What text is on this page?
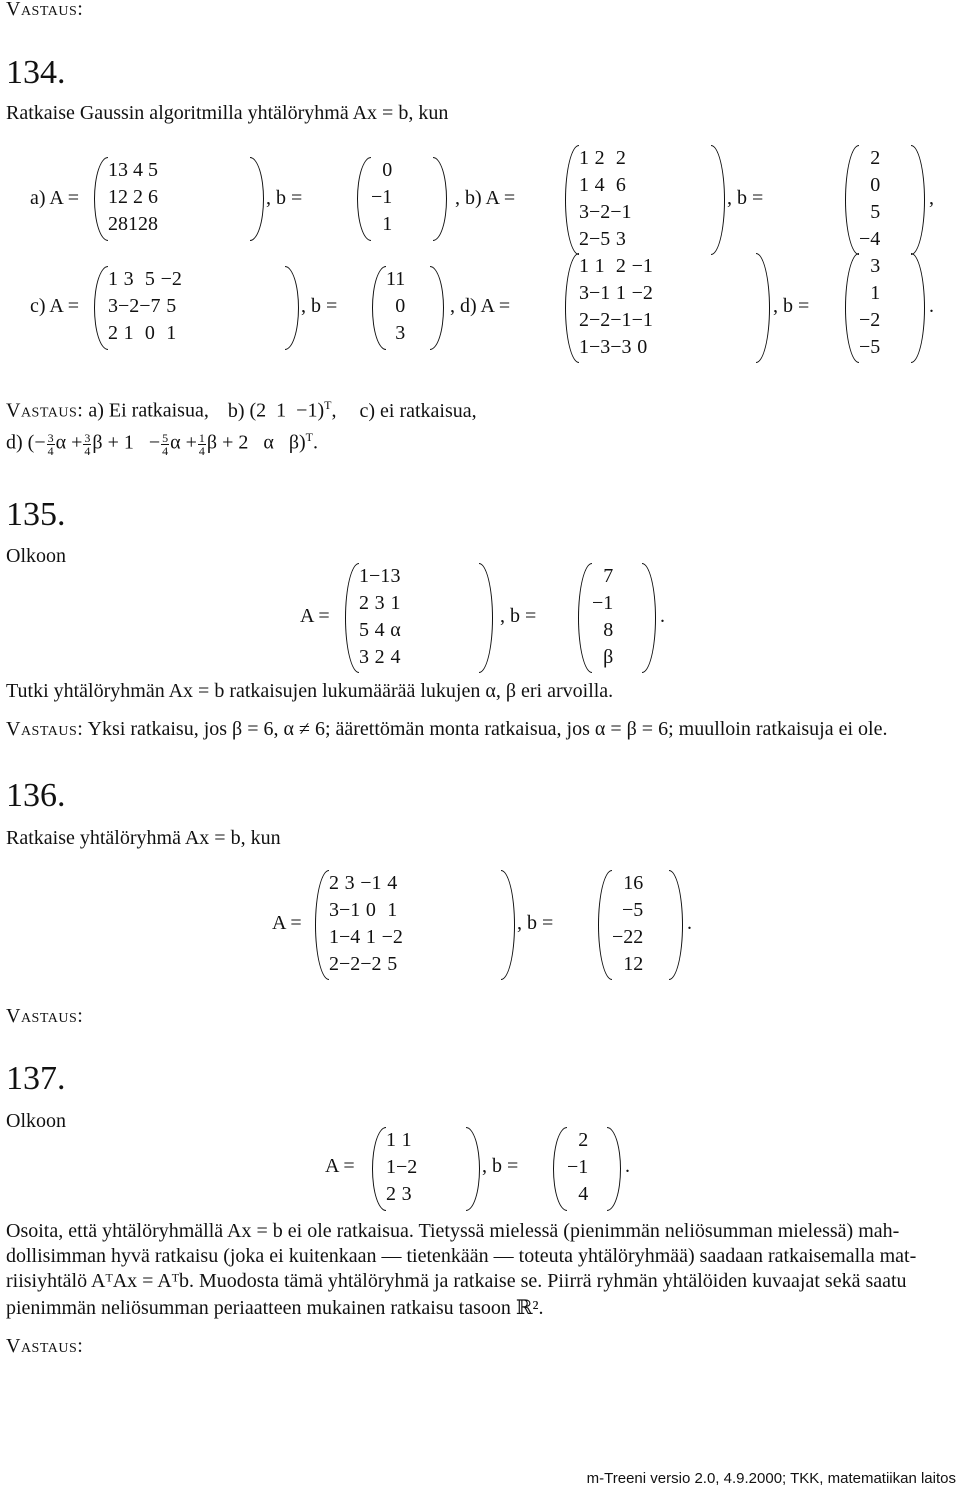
Vastaus:
134.
Ratkaise Gaussin algoritmilla yhtälöryhmä Ax = b, kun
a) A =
1	3	4	5
1	2	2	6
2	8	12	8
, b =
0
−1
1
, b) A =
1	2	2
1	4	6
3	−2	−1
2	−5	3
, b =
2
0
5
−4
,
c) A =
1	3	5	−2
3	−2	−7	5
2	1	0	1
, b =
11
0
3
, d) A =
1	1	2	−1
3	−1	1	−2
2	−2	−1	−1
1	−3	−3	0
, b =
3
1
−2
−5
.
Vastaus: a) Ei ratkaisua, b) (2  1  −1)$^T$, c) ei ratkaisua,
d) (− $\frac{3}{4}$ $\alpha + \frac{3}{4}$ $\beta + 1 - \frac{5}{4}$ $\alpha + \frac{1}{4}$ β + 2   α   β)$^T$.
135.
Olkoon
A =
1	−1	3
2	3	1
5	4	α
3	2	4
, b =
7
−1
8
β
.
Tutki yhtälöryhmän Ax = b ratkaisujen lukumäärää lukujen α, β eri arvoilla.
Vastaus: Yksi ratkaisu, jos β = 6, α ≠ 6; äärettömän monta ratkaisua, jos α = β = 6; muulloin ratkaisuja ei ole.
136.
Ratkaise yhtälöryhmä Ax = b, kun
A =
2	3	−1	4
3	−1	0	1
1	−4	1	−2
2	−2	−2	5
, b =
16
−5
−22
12
.
Vastaus:
137.
Olkoon
A =
1	1
1	−2
2	3
, b =
2
−1
4
.
Osoita, että yhtälöryhmällä Ax = b ei ole ratkaisua. Tietyssä mielessä (pienimmän neliösumman mielessä) mah-
dollisimman hyvä ratkaisu (joka ei kuitenkaan — tietenkään — toteuta yhtälöryhmää) saadaan ratkaisemalla mat-
riisiyhtälö AᵀAx = Aᵀb. Muodosta tämä yhtälöryhmä ja ratkaise se. Piirrä ryhmän yhtälöiden kuvaajat sekä saatu
pienimmän neliösumman periaatteen mukainen ratkaisu tasoon ℝ².
Vastaus:
m-Treeni versio 2.0, 4.9.2000; TKK, matematiikan laitos
